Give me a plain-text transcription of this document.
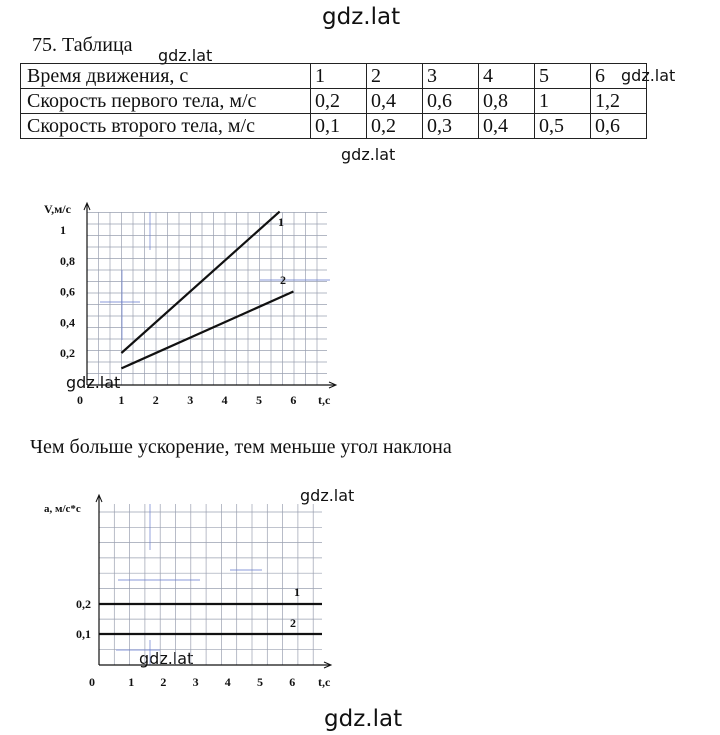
gdz.lat
gdz.lat
gdz.lat
gdz.lat
gdz.lat
gdz.lat
gdz.lat
gdz.lat
75. Таблица
Время движения, с	1	2	3	4	5	6
Скорость первого тела, м/с	0,2	0,4	0,6	0,8	1	1,2
Скорость второго тела, м/с	0,1	0,2	0,3	0,4	0,5	0,6
0	1 2 3 4 5 6
0,2
0,4
0,6
0,8
1
1
2
t,c
V,м/с
Чем больше ускорение, тем меньше угол наклона
0	1 2 3 4 5 6
0,1
0,2
1
2
t,c
a, м/с*с
